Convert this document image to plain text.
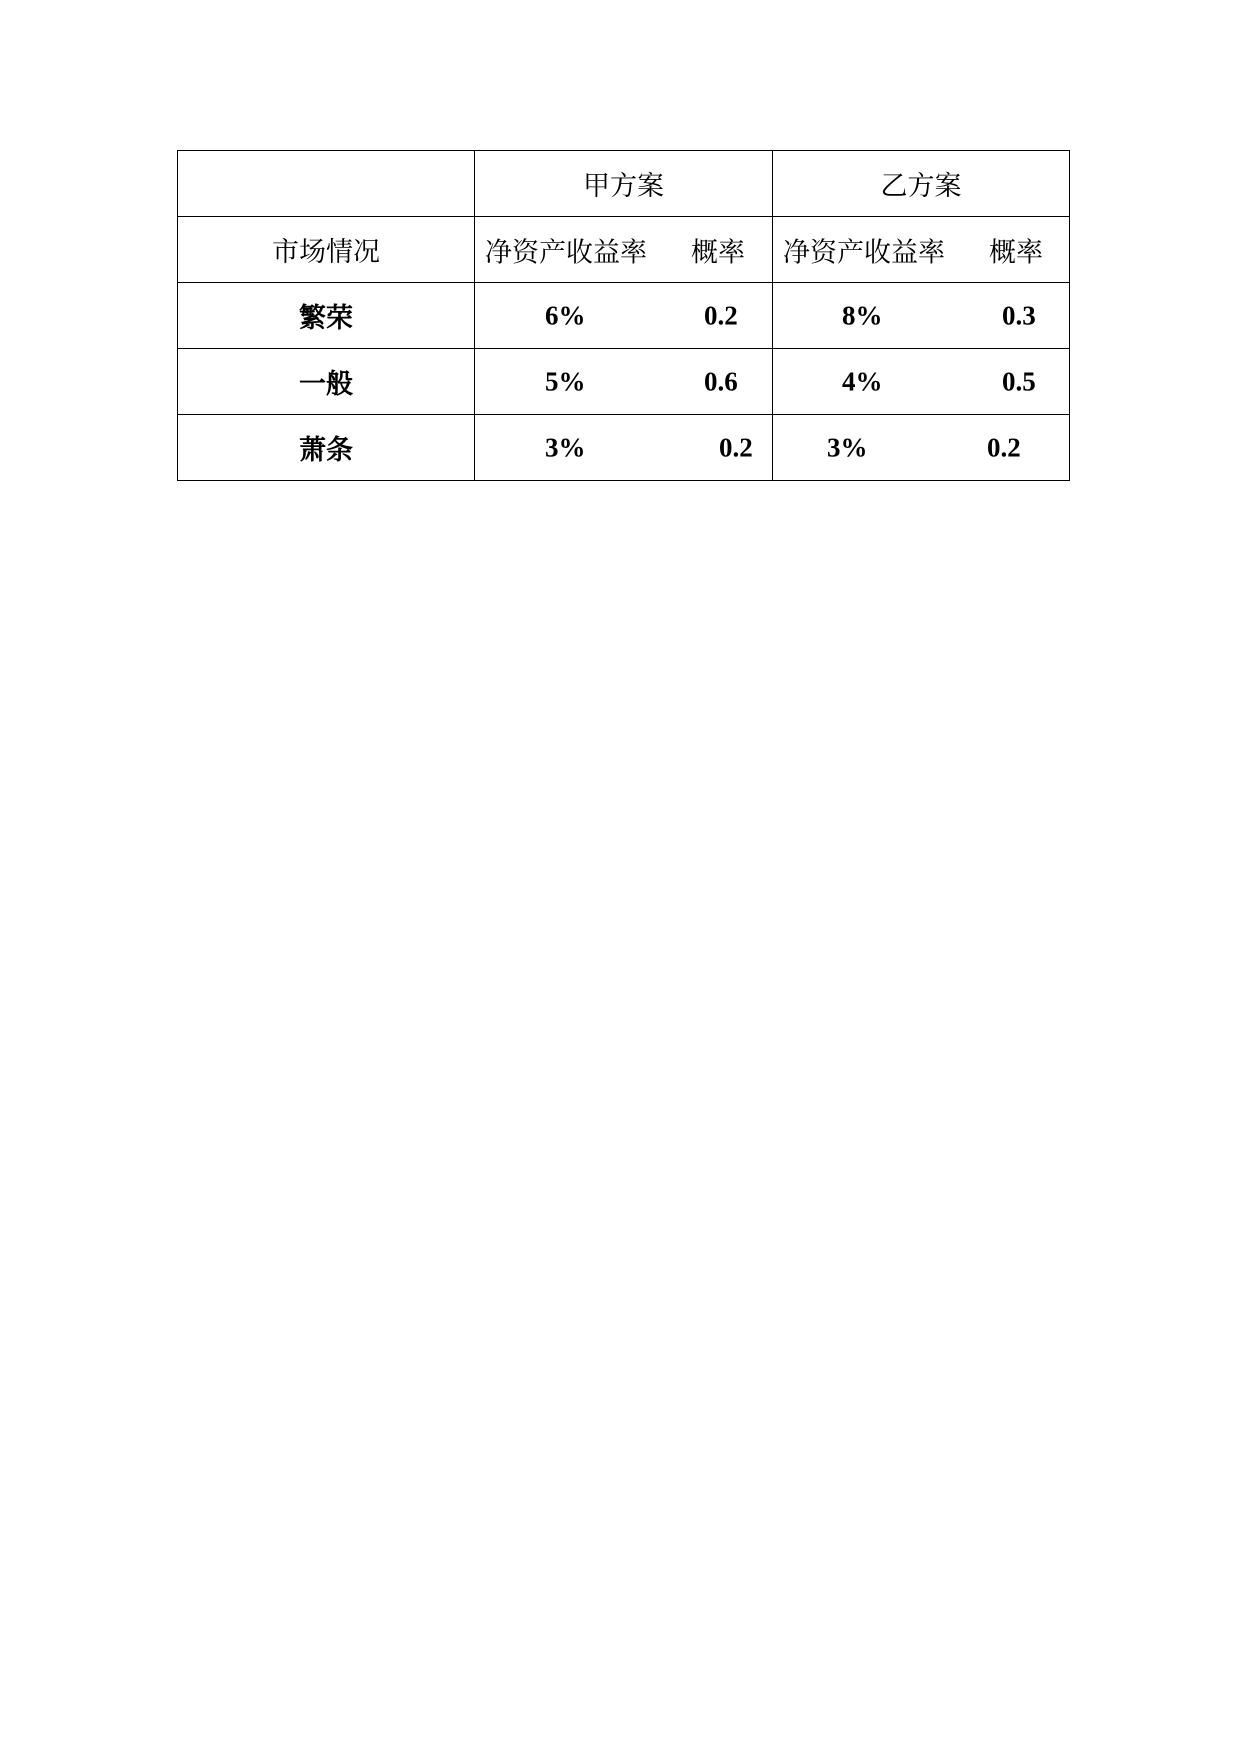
	甲方案	乙方案
市场情况	净资产收益率 概率	净资产收益率 概率

繁荣	6% 0.2	8% 0.3

一般	5% 0.6	4% 0.5

萧条	3% 0.2	3% 0.2
